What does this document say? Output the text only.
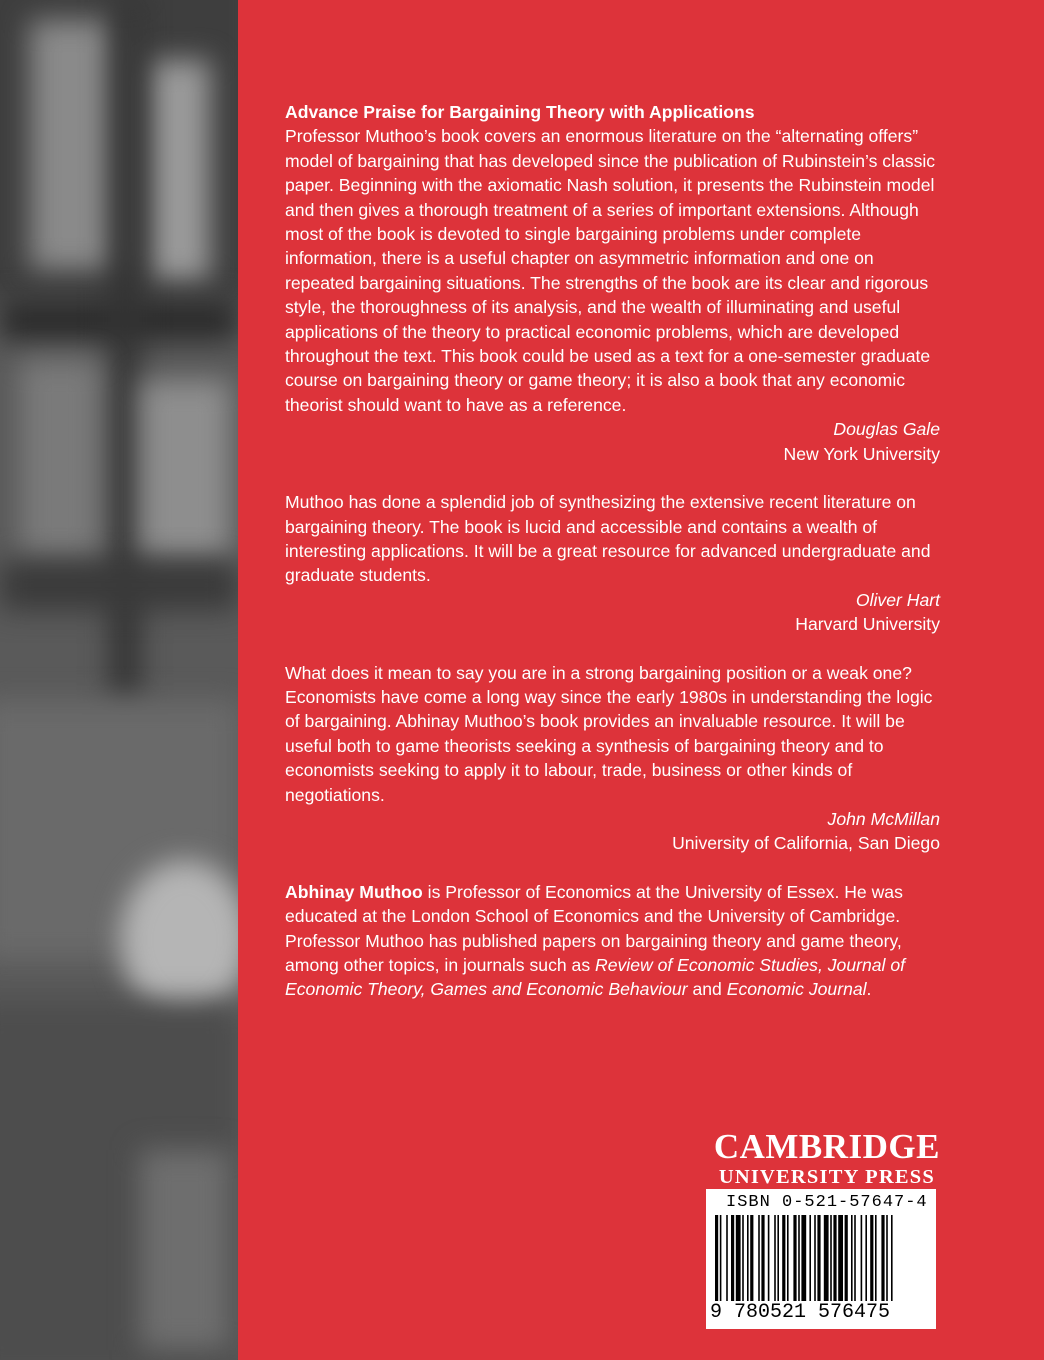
Advance Praise for Bargaining Theory with Applications

Professor Muthoo’s book covers an enormous literature on the “alternating offers” model of bargaining that has developed since the publication of Rubinstein’s classic paper. Beginning with the axiomatic Nash solution, it presents the Rubinstein model and then gives a thorough treatment of a series of important extensions. Although most of the book is devoted to single bargaining problems under complete information, there is a useful chapter on asymmetric information and one on repeated bargaining situations. The strengths of the book are its clear and rigorous style, the thoroughness of its analysis, and the wealth of illuminating and useful applications of the theory to practical economic problems, which are developed throughout the text. This book could be used as a text for a one-semester graduate course on bargaining theory or game theory; it is also a book that any economic theorist should want to have as a reference.

Douglas Gale
New York University

Muthoo has done a splendid job of synthesizing the extensive recent literature on bargaining theory. The book is lucid and accessible and contains a wealth of interesting applications. It will be a great resource for advanced undergraduate and graduate students.

Oliver Hart
Harvard University

What does it mean to say you are in a strong bargaining position or a weak one? Economists have come a long way since the early 1980s in understanding the logic of bargaining. Abhinay Muthoo’s book provides an invaluable resource. It will be useful both to game theorists seeking a synthesis of bargaining theory and to economists seeking to apply it to labour, trade, business or other kinds of negotiations.

John McMillan
University of California, San Diego

Abhinay Muthoo is Professor of Economics at the University of Essex. He was educated at the London School of Economics and the University of Cambridge. Professor Muthoo has published papers on bargaining theory and game theory, among other topics, in journals such as Review of Economic Studies, Journal of Economic Theory, Games and Economic Behaviour and Economic Journal.

CAMBRIDGE
UNIVERSITY PRESS
ISBN 0-521-57647-4
9 780521 576475
